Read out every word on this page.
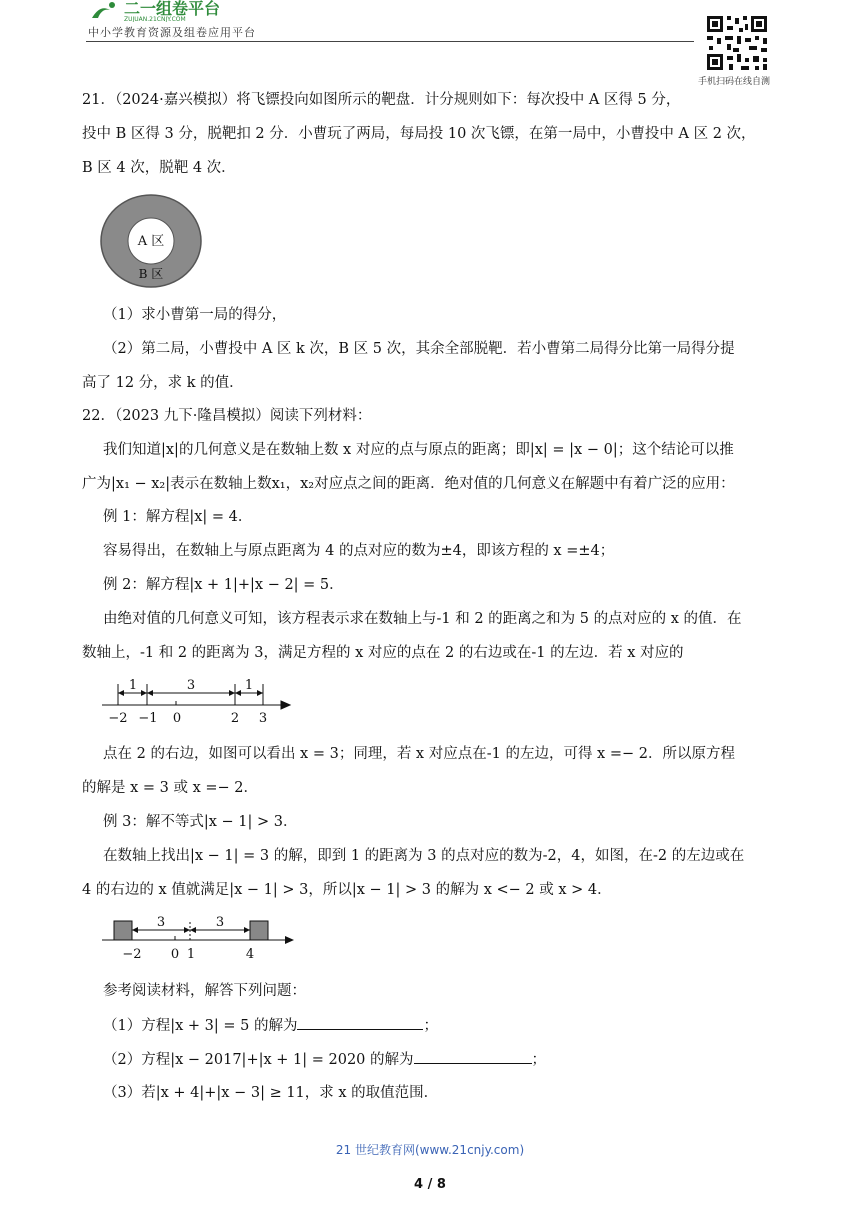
二一组卷平台
ZUJUAN.21CNJY.COM
中小学教育资源及组卷应用平台
手机扫码在线自测
21．（2024·嘉兴模拟）将飞镖投向如图所示的靶盘．计分规则如下：每次投中 A 区得 5 分，
投中 B 区得 3 分，脱靶扣 2 分．小曹玩了两局，每局投 10 次飞镖，在第一局中，小曹投中 A 区 2 次，
B 区 4 次，脱靶 4 次．
A 区
B 区
（1）求小曹第一局的得分，
（2）第二局，小曹投中 A 区 k 次，B 区 5 次，其余全部脱靶．若小曹第二局得分比第一局得分提
高了 12 分，求 k 的值．
22．（2023 九下·隆昌模拟）阅读下列材料：
我们知道|x|的几何意义是在数轴上数 x 对应的点与原点的距离；即|x| = |x − 0|；这个结论可以推
广为|x₁ − x₂|表示在数轴上数x₁，x₂对应点之间的距离．绝对值的几何意义在解题中有着广泛的应用：
例 1：解方程|x| = 4．
容易得出，在数轴上与原点距离为 4 的点对应的数为±4，即该方程的 x =±4；
例 2：解方程|x + 1|+|x − 2| = 5．
由绝对值的几何意义可知，该方程表示求在数轴上与-1 和 2 的距离之和为 5 的点对应的 x 的值．在
数轴上，-1 和 2 的距离为 3，满足方程的 x 对应的点在 2 的右边或在-1 的左边．若 x 对应的
1	3	1
−2 −1 0	2 3
点在 2 的右边，如图可以看出 x = 3；同理，若 x 对应点在-1 的左边，可得 x =− 2．所以原方程
的解是 x = 3 或 x =− 2．
例 3：解不等式|x − 1| > 3．
在数轴上找出|x − 1| = 3 的解，即到 1 的距离为 3 的点对应的数为-2，4，如图，在-2 的左边或在
4 的右边的 x 值就满足|x − 1| > 3，所以|x − 1| > 3 的解为 x <− 2 或 x > 4．
3	3
−2 0 1	4
参考阅读材料，解答下列问题：
（1）方程|x + 3| = 5 的解为	；
（2）方程|x − 2017|+|x + 1| = 2020 的解为	；
（3）若|x + 4|+|x − 3| ≥ 11，求 x 的取值范围．
21 世纪教育网(www.21cnjy.com)
4 / 8
